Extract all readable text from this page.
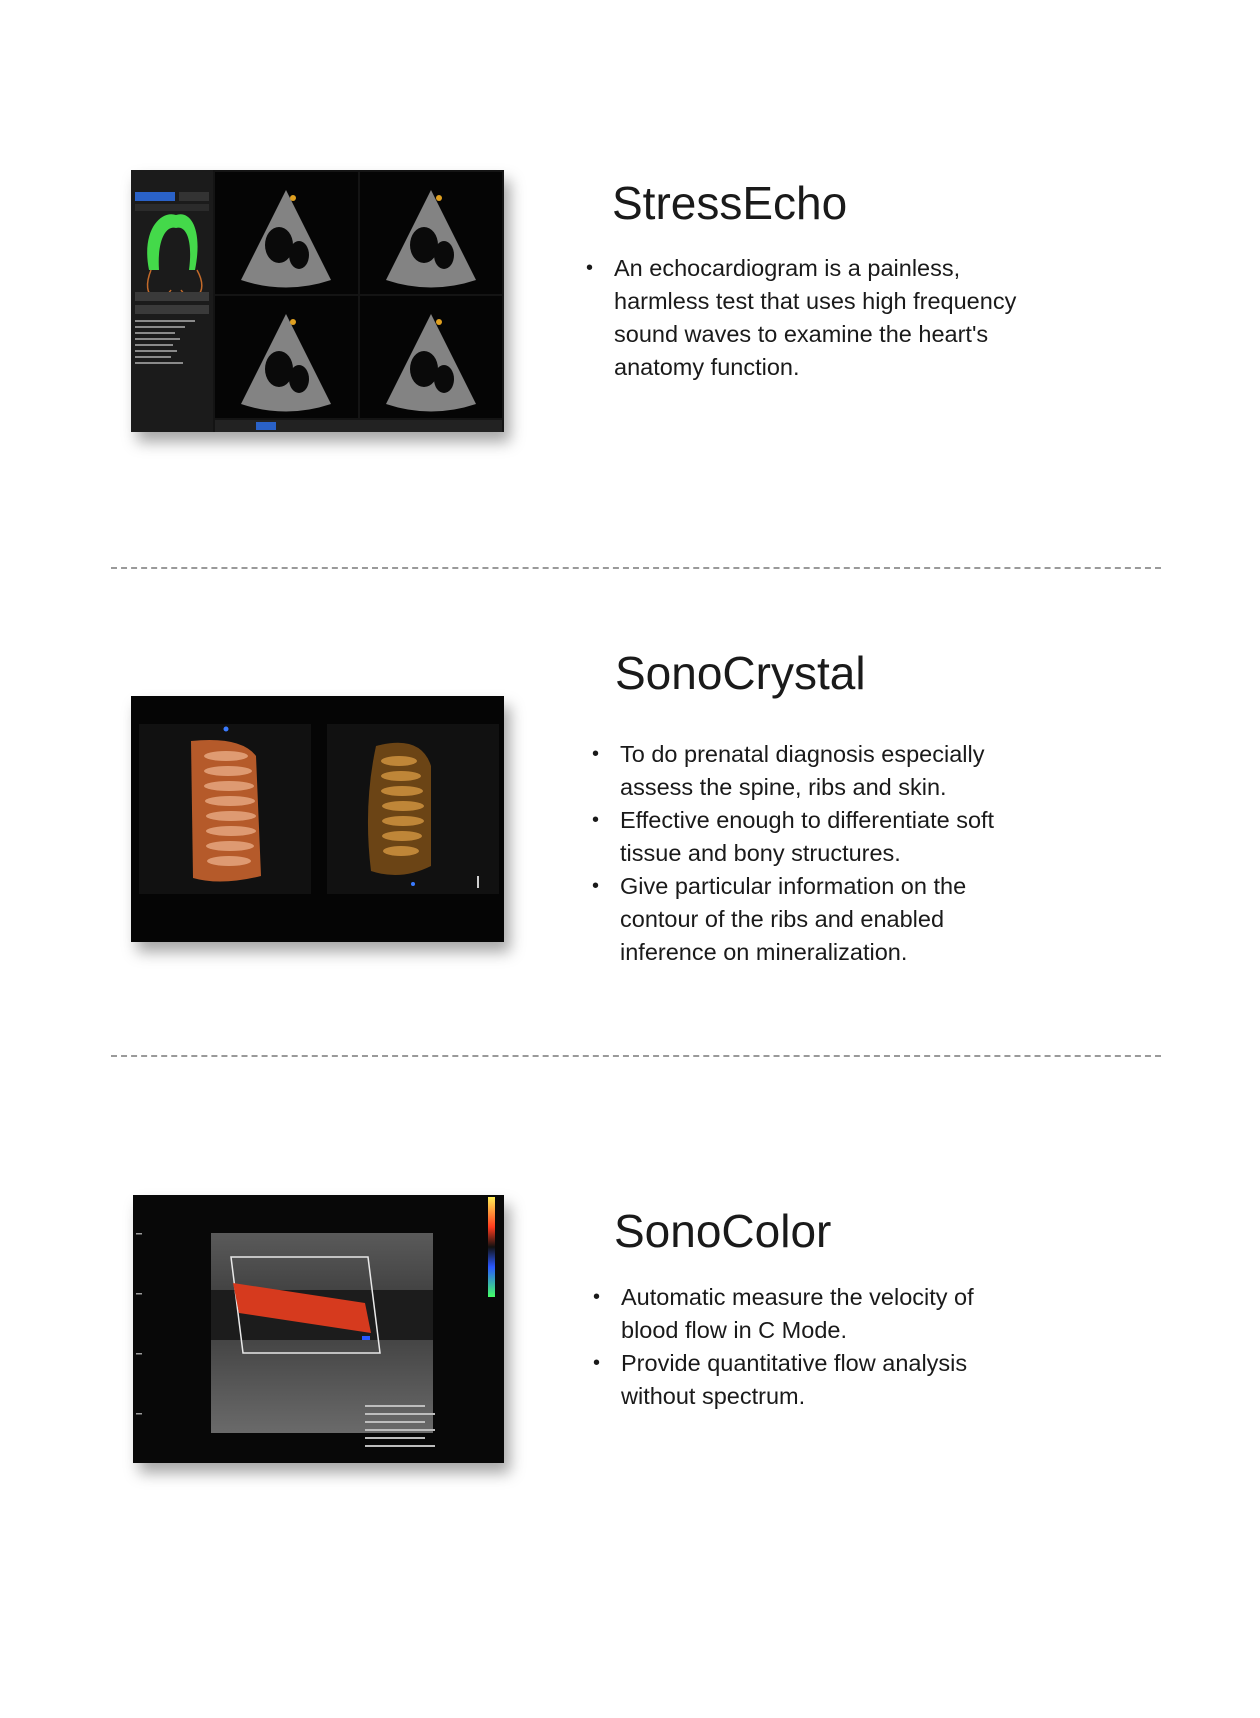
StressEcho
• An echocardiogram is a painless, harmless test that uses high frequency sound waves to examine the heart's anatomy function.
SonoCrystal
• To do prenatal diagnosis especially assess the spine, ribs and skin.
• Effective enough to differentiate soft tissue and bony structures.
• Give particular information on the contour of the ribs and enabled inference on mineralization.
SonoColor
• Automatic measure the velocity of blood flow in C Mode.
• Provide quantitative flow analysis without spectrum.
